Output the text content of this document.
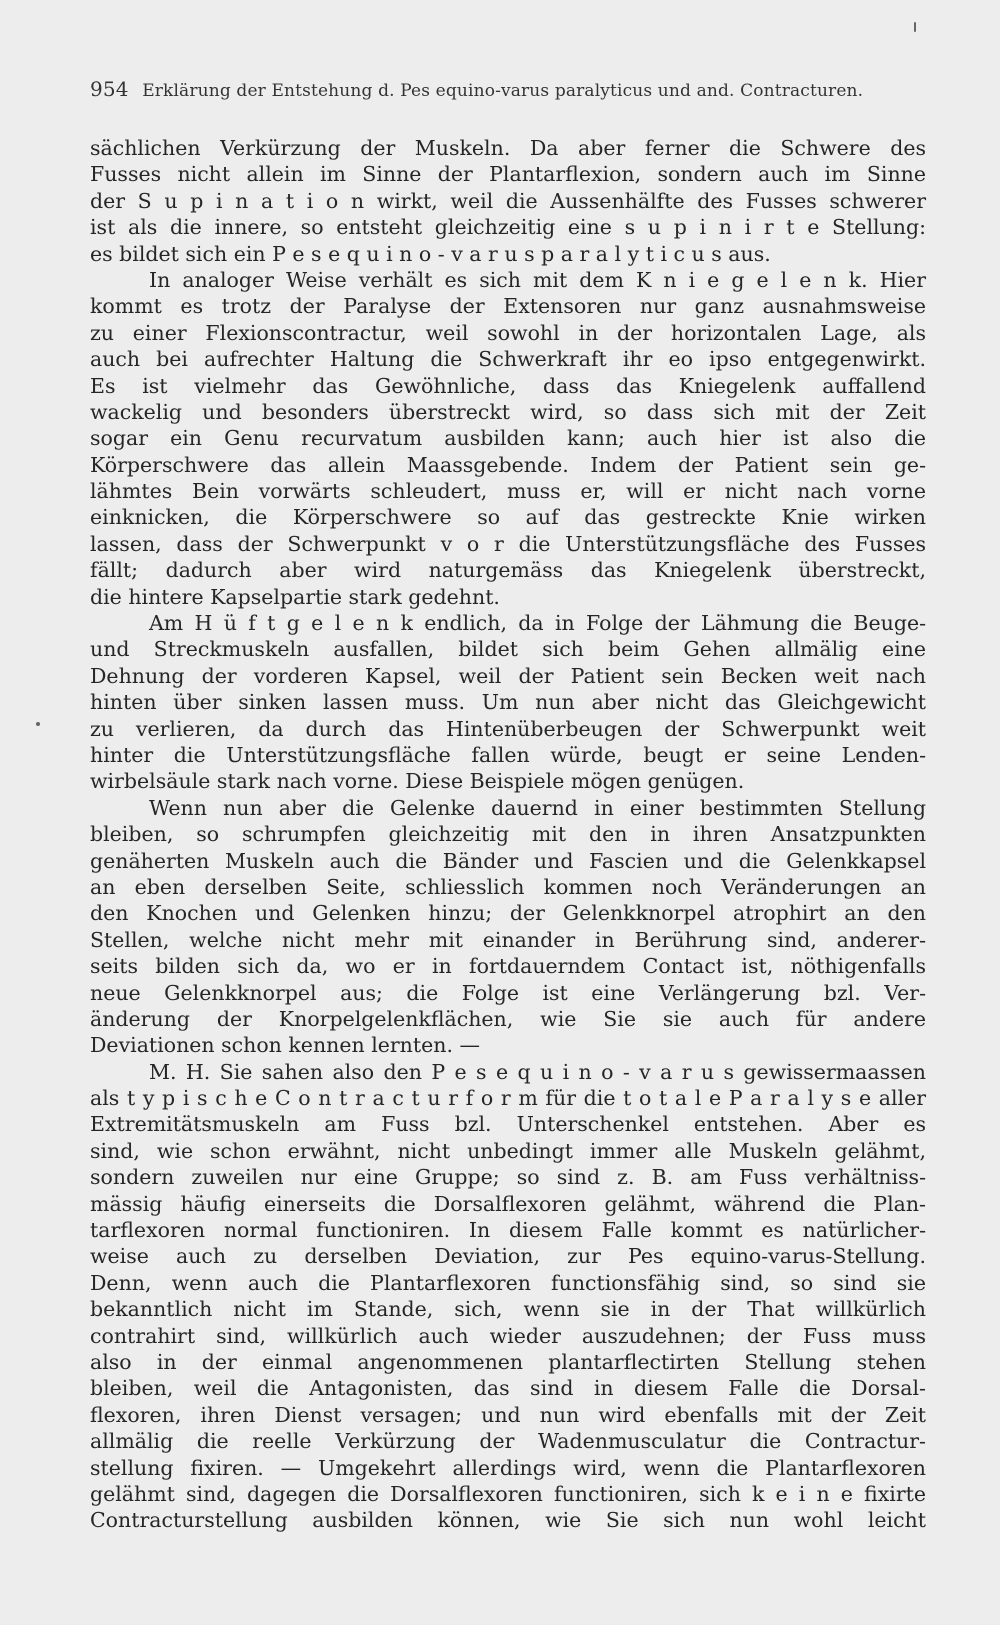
954 Erklärung der Entstehung d. Pes equino-varus paralyticus und and. Contracturen.
sächlichen Verkürzung der Muskeln. Da aber ferner die Schwere des
Fusses nicht allein im Sinne der Plantarflexion, sondern auch im Sinne
der S u p i n a t i o n wirkt, weil die Aussenhälfte des Fusses schwerer
ist als die innere, so entsteht gleichzeitig eine s u p i n i r t e Stellung:
es bildet sich ein P e s e q u i n o - v a r u s p a r a l y t i c u s aus.
In analoger Weise verhält es sich mit dem K n i e g e l e n k. Hier
kommt es trotz der Paralyse der Extensoren nur ganz ausnahmsweise
zu einer Flexionscontractur, weil sowohl in der horizontalen Lage, als
auch bei aufrechter Haltung die Schwerkraft ihr eo ipso entgegenwirkt.
Es ist vielmehr das Gewöhnliche, dass das Kniegelenk auffallend
wackelig und besonders überstreckt wird, so dass sich mit der Zeit
sogar ein Genu recurvatum ausbilden kann; auch hier ist also die
Körperschwere das allein Maassgebende. Indem der Patient sein ge-
lähmtes Bein vorwärts schleudert, muss er, will er nicht nach vorne
einknicken, die Körperschwere so auf das gestreckte Knie wirken
lassen, dass der Schwerpunkt v o r die Unterstützungsfläche des Fusses
fällt; dadurch aber wird naturgemäss das Kniegelenk überstreckt,
die hintere Kapselpartie stark gedehnt.
Am H ü f t g e l e n k endlich, da in Folge der Lähmung die Beuge-
und Streckmuskeln ausfallen, bildet sich beim Gehen allmälig eine
Dehnung der vorderen Kapsel, weil der Patient sein Becken weit nach
hinten über sinken lassen muss. Um nun aber nicht das Gleichgewicht
zu verlieren, da durch das Hintenüberbeugen der Schwerpunkt weit
hinter die Unterstützungsfläche fallen würde, beugt er seine Lenden-
wirbelsäule stark nach vorne. Diese Beispiele mögen genügen.
Wenn nun aber die Gelenke dauernd in einer bestimmten Stellung
bleiben, so schrumpfen gleichzeitig mit den in ihren Ansatzpunkten
genäherten Muskeln auch die Bänder und Fascien und die Gelenkkapsel
an eben derselben Seite, schliesslich kommen noch Veränderungen an
den Knochen und Gelenken hinzu; der Gelenkknorpel atrophirt an den
Stellen, welche nicht mehr mit einander in Berührung sind, anderer-
seits bilden sich da, wo er in fortdauerndem Contact ist, nöthigenfalls
neue Gelenkknorpel aus; die Folge ist eine Verlängerung bzl. Ver-
änderung der Knorpelgelenkflächen, wie Sie sie auch für andere
Deviationen schon kennen lernten. —
M. H. Sie sahen also den P e s e q u i n o - v a r u s gewissermaassen
als t y p i s c h e C o n t r a c t u r f o r m für die t o t a l e P a r a l y s e aller
Extremitätsmuskeln am Fuss bzl. Unterschenkel entstehen. Aber es
sind, wie schon erwähnt, nicht unbedingt immer alle Muskeln gelähmt,
sondern zuweilen nur eine Gruppe; so sind z. B. am Fuss verhältniss-
mässig häufig einerseits die Dorsalflexoren gelähmt, während die Plan-
tarflexoren normal functioniren. In diesem Falle kommt es natürlicher-
weise auch zu derselben Deviation, zur Pes equino-varus-Stellung.
Denn, wenn auch die Plantarflexoren functionsfähig sind, so sind sie
bekanntlich nicht im Stande, sich, wenn sie in der That willkürlich
contrahirt sind, willkürlich auch wieder auszudehnen; der Fuss muss
also in der einmal angenommenen plantarflectirten Stellung stehen
bleiben, weil die Antagonisten, das sind in diesem Falle die Dorsal-
flexoren, ihren Dienst versagen; und nun wird ebenfalls mit der Zeit
allmälig die reelle Verkürzung der Wadenmusculatur die Contractur-
stellung fixiren. — Umgekehrt allerdings wird, wenn die Plantarflexoren
gelähmt sind, dagegen die Dorsalflexoren functioniren, sich k e i n e fixirte
Contracturstellung ausbilden können, wie Sie sich nun wohl leicht
